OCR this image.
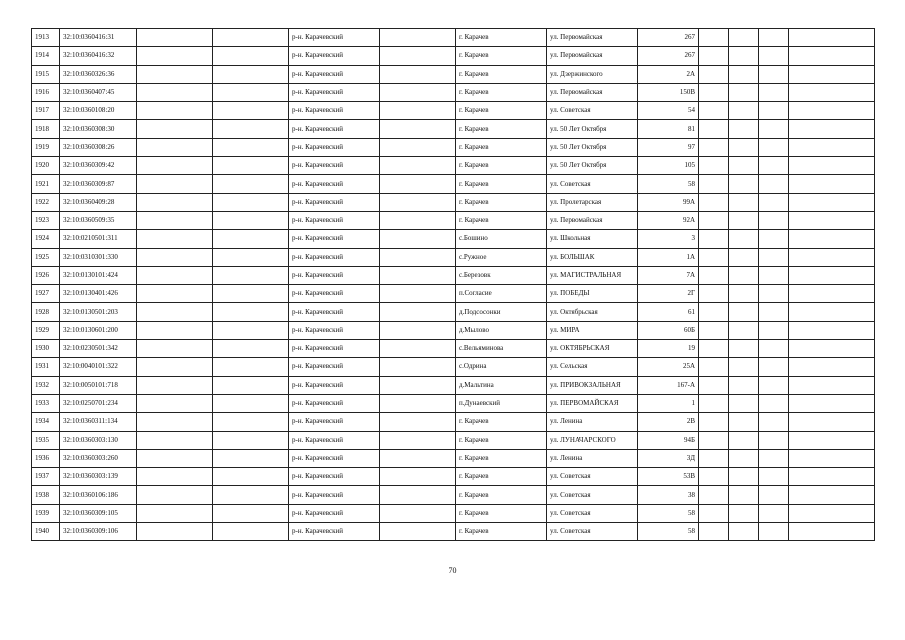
1913	32:10:0360416:31			р-н. Карачевский		г. Карачев	ул. Первомайская	267				
1914	32:10:0360416:32			р-н. Карачевский		г. Карачев	ул. Первомайская	267				
1915	32:10:0360326:36			р-н. Карачевский		г. Карачев	ул. Дзержинского	2А				
1916	32:10:0360407:45			р-н. Карачевский		г. Карачев	ул. Первомайская	150В				
1917	32:10:0360108:20			р-н. Карачевский		г. Карачев	ул. Советская	54				
1918	32:10:0360308:30			р-н. Карачевский		г. Карачев	ул. 50 Лет Октября	81				
1919	32:10:0360308:26			р-н. Карачевский		г. Карачев	ул. 50 Лет Октября	97				
1920	32:10:0360309:42			р-н. Карачевский		г. Карачев	ул. 50 Лет Октября	105				
1921	32:10:0360309:87			р-н. Карачевский		г. Карачев	ул. Советская	58				
1922	32:10:0360409:28			р-н. Карачевский		г. Карачев	ул. Пролетарская	99А				
1923	32:10:0360509:35			р-н. Карачевский		г. Карачев	ул. Первомайская	92А				
1924	32:10:0210501:311			р-н. Карачевский		с.Бошино	ул. Школьная	3				
1925	32:10:0310301:330			р-н. Карачевский		с.Ружное	ул. БОЛЬШАК	1А				
1926	32:10:0130101:424			р-н. Карачевский		с.Березовк	ул. МАГИСТРАЛЬНАЯ	7А				
1927	32:10:0130401:426			р-н. Карачевский		п.Согласие	ул. ПОБЕДЫ	2Г				
1928	32:10:0130501:203			р-н. Карачевский		д.Подсосонки	ул. Октябрьская	61				
1929	32:10:0130601:200			р-н. Карачевский		д.Мылово	ул. МИРА	60Б				
1930	32:10:0230501:342			р-н. Карачевский		с.Вельяминова	ул. ОКТЯБРЬСКАЯ	19				
1931	32:10:0040101:322			р-н. Карачевский		с.Одрина	ул. Сельская	25А				
1932	32:10:0050101:718			р-н. Карачевский		д.Мальтина	ул. ПРИВОКЗАЛЬНАЯ	167-А				
1933	32:10:0250701:234			р-н. Карачевский		п.Дунаевский	ул. ПЕРВОМАЙСКАЯ	1				
1934	32:10:0360311:134			р-н. Карачевский		г. Карачев	ул. Ленина	2В				
1935	32:10:0360303:130			р-н. Карачевский		г. Карачев	ул. ЛУНАЧАРСКОГО	94Б				
1936	32:10:0360303:260			р-н. Карачевский		г. Карачев	ул. Ленина	3Д				
1937	32:10:0360303:139			р-н. Карачевский		г. Карачев	ул. Советская	53В				
1938	32:10:0360106:186			р-н. Карачевский		г. Карачев	ул. Советская	38				
1939	32:10:0360309:105			р-н. Карачевский		г. Карачев	ул. Советская	58				
1940	32:10:0360309:106			р-н. Карачевский		г. Карачев	ул. Советская	58				
70
